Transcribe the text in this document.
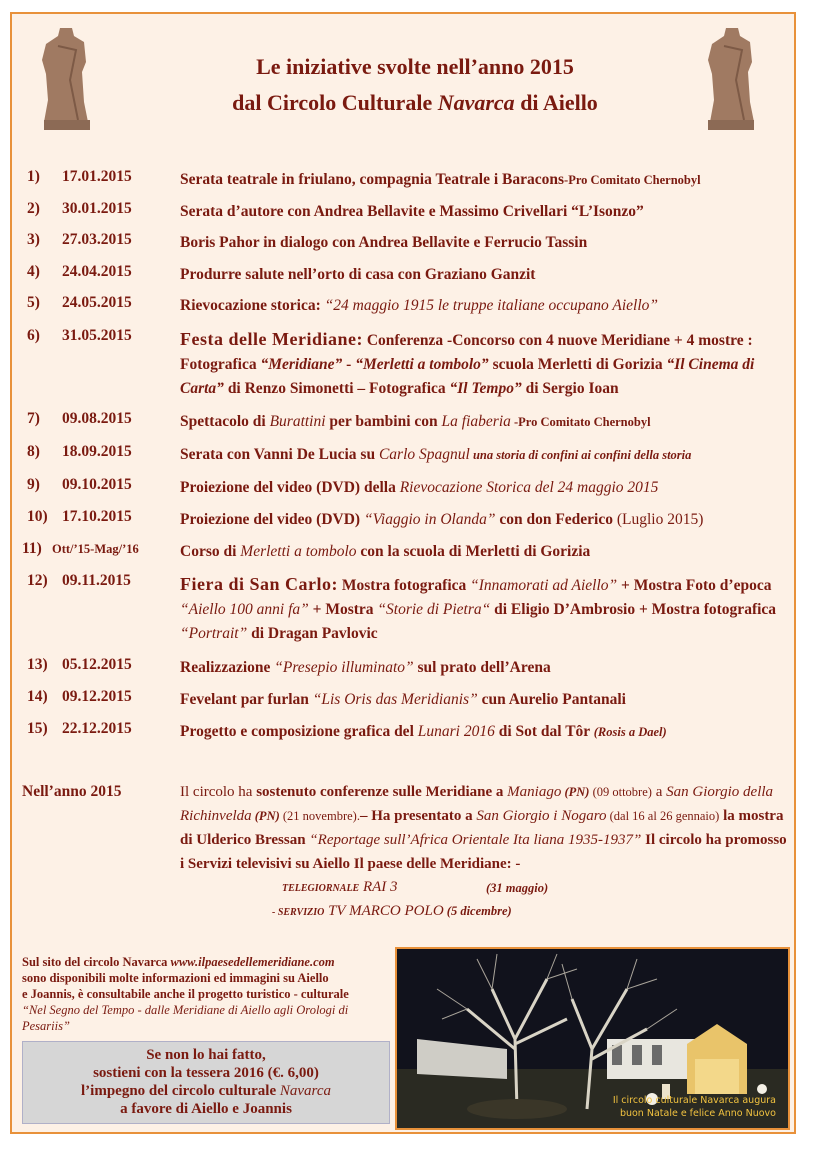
Le iniziative svolte nell’anno 2015
dal Circolo Culturale Navarca di Aiello
1) 17.01.2015	Serata teatrale in friulano, compagnia Teatrale i Baracons-Pro Comitato Chernobyl
2) 30.01.2015	Serata d’autore con Andrea Bellavite e Massimo Crivellari “L’Isonzo”
3) 27.03.2015	Boris Pahor in dialogo con Andrea Bellavite e Ferrucio Tassin
4) 24.04.2015	Produrre salute nell’orto di casa con Graziano Ganzit
5) 24.05.2015	Rievocazione storica: “24 maggio 1915 le truppe italiane occupano Aiello”
6) 31.05.2015	Festa delle Meridiane: Conferenza -Concorso con 4 nuove Meridiane + 4 mostre : Fotografica “Meridiane” - “Merletti a tombolo” scuola Merletti di Gorizia “Il Cinema di Carta” di Renzo Simonetti – Fotografica “Il Tempo” di Sergio Ioan
7) 09.08.2015	Spettacolo di Burattini per bambini con La fiaberia -Pro Comitato Chernobyl
8) 18.09.2015	Serata con Vanni De Lucia su Carlo Spagnul una storia di confini ai confini della storia
9) 09.10.2015	Proiezione del video (DVD) della Rievocazione Storica del 24 maggio 2015
10) 17.10.2015	Proiezione del video (DVD) “Viaggio in Olanda” con don Federico (Luglio 2015)
11) Ott/’15-Mag/’16	Corso di Merletti a tombolo con la scuola di Merletti di Gorizia
12) 09.11.2015	Fiera di San Carlo: Mostra fotografica “Innamorati ad Aiello” + Mostra Foto d’epoca “Aiello 100 anni fa” + Mostra “Storie di Pietra“ di Eligio D’Ambrosio + Mostra fotografica “Portrait” di Dragan Pavlovic
13) 05.12.2015	Realizzazione “Presepio illuminato” sul prato dell’Arena
14) 09.12.2015	Fevelant par furlan “Lis Oris das Meridianis” cun Aurelio Pantanali
15) 22.12.2015	Progetto e composizione grafica del Lunari 2016 di Sot dal Tôr (Rosis a Dael)
Nell’anno 2015	Il circolo ha sostenuto conferenze sulle Meridiane a Maniago (PN) (09 ottobre) a San Giorgio della Richinvelda (PN) (21 novembre).– Ha presentato a San Giorgio i Nogaro (dal 16 al 26 gennaio) la mostra di Ulderico Bressan “Reportage sull’Africa Orientale Ita liana 1935-1937” Il circolo ha promosso i Servizi televisivi su Aiello Il paese delle Meridiane: -
TELEGIORNALE RAI 3	(31 maggio)
- SERVIZIO TV MARCO POLO (5 dicembre)
Sul sito del circolo Navarca www.ilpaesedellemeridiane.com
sono disponibili molte informazioni ed immagini su Aiello
e Joannis, è consultabile anche il progetto turistico - culturale
“Nel Segno del Tempo - dalle Meridiane di Aiello agli Orologi di Pesariis”
Se non lo hai fatto,
sostieni con la tessera 2016 (€. 6,00)
l’impegno del circolo culturale Navarca
a favore di Aiello e Joannis
Il circolo culturale Navarca augura
buon Natale e felice Anno Nuovo
